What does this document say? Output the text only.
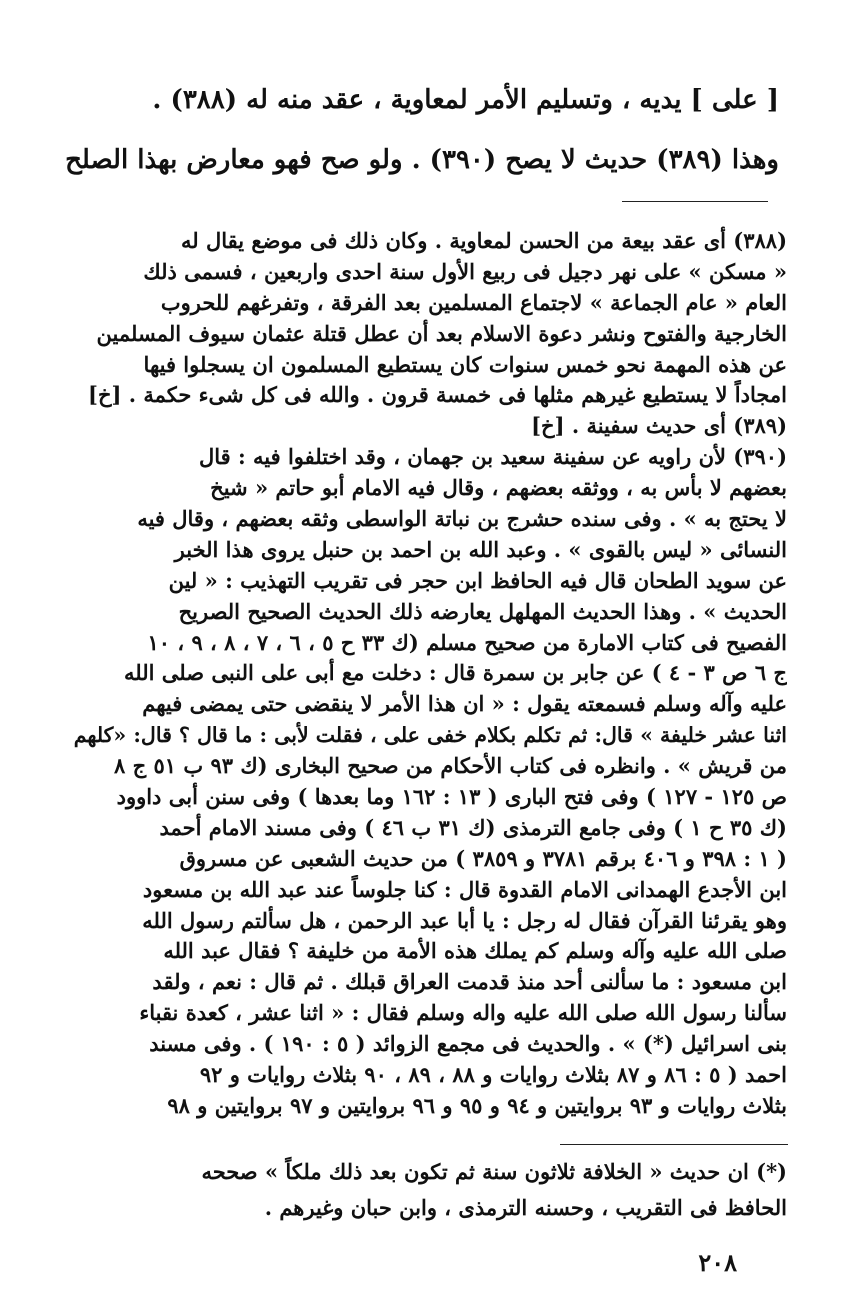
[ على ] يديه ، وتسليم الأمر لمعاوية ، عقد منه له (٣٨٨) .
وهذا (٣٨٩) حديث لا يصح (٣٩٠) . ولو صح فهو معارض بهذا الصلح
(٣٨٨) أى عقد بيعة من الحسن لمعاوية . وكان ذلك فى موضع يقال له
« مسكن » على نهر دجيل فى ربيع الأول سنة احدى واربعين ، فسمى ذلك
العام « عام الجماعة » لاجتماع المسلمين بعد الفرقة ، وتفرغهم للحروب
الخارجية والفتوح ونشر دعوة الاسلام بعد أن عطل قتلة عثمان سيوف المسلمين
عن هذه المهمة نحو خمس سنوات كان يستطيع المسلمون ان يسجلوا فيها
امجاداً لا يستطيع غيرهم مثلها فى خمسة قرون . والله فى كل شىء حكمة . [خ]
(٣٨٩) أى حديث سفينة . [خ]
(٣٩٠) لأن راويه عن سفينة سعيد بن جهمان ، وقد اختلفوا فيه : قال
بعضهم لا بأس به ، ووثقه بعضهم ، وقال فيه الامام أبو حاتم « شيخ
لا يحتج به » . وفى سنده حشرج بن نباتة الواسطى وثقه بعضهم ، وقال فيه
النسائى « ليس بالقوى » . وعبد الله بن احمد بن حنبل يروى هذا الخبر
عن سويد الطحان قال فيه الحافظ ابن حجر فى تقريب التهذيب : « لين
الحديث » . وهذا الحديث المهلهل يعارضه ذلك الحديث الصحيح الصريح
الفصيح فى كتاب الامارة من صحيح مسلم (ك ٣٣ ح ٥ ، ٦ ، ٧ ، ٨ ، ٩ ، ١٠
ج ٦ ص ٣ - ٤ ) عن جابر بن سمرة قال : دخلت مع أبى على النبى صلى الله
عليه وآله وسلم فسمعته يقول : « ان هذا الأمر لا ينقضى حتى يمضى فيهم
اثنا عشر خليفة » قال: ثم تكلم بكلام خفى على ، فقلت لأبى : ما قال ؟ قال: «كلهم
من قريش » . وانظره فى كتاب الأحكام من صحيح البخارى (ك ٩٣ ب ٥١ ج ٨
ص ١٢٥ - ١٢٧ ) وفى فتح البارى ( ١٣ : ١٦٢ وما بعدها ) وفى سنن أبى داوود
(ك ٣٥ ح ١ ) وفى جامع الترمذى (ك ٣١ ب ٤٦ ) وفى مسند الامام أحمد
( ١ : ٣٩٨ و ٤٠٦ برقم ٣٧٨١ و ٣٨٥٩ ) من حديث الشعبى عن مسروق
ابن الأجدع الهمدانى الامام القدوة قال : كنا جلوساً عند عبد الله بن مسعود
وهو يقرئنا القرآن فقال له رجل : يا أبا عبد الرحمن ، هل سألتم رسول الله
صلى الله عليه وآله وسلم كم يملك هذه الأمة من خليفة ؟ فقال عبد الله
ابن مسعود : ما سألنى أحد منذ قدمت العراق قبلك . ثم قال : نعم ، ولقد
سألنا رسول الله صلى الله عليه واله وسلم فقال : « اثنا عشر ، كعدة نقباء
بنى اسرائيل (*) » . والحديث فى مجمع الزوائد ( ٥ : ١٩٠ ) . وفى مسند
احمد ( ٥ : ٨٦ و ٨٧ بثلاث روايات و ٨٨ ، ٨٩ ، ٩٠ بثلاث روايات و ٩٢
بثلاث روايات و ٩٣ بروايتين و ٩٤ و ٩٥ و ٩٦ بروايتين و ٩٧ بروايتين و ٩٨
(*) ان حديث « الخلافة ثلاثون سنة ثم تكون بعد ذلك ملكاً » صححه
الحافظ فى التقريب ، وحسنه الترمذى ، وابن حبان وغيرهم .
٢٠٨
